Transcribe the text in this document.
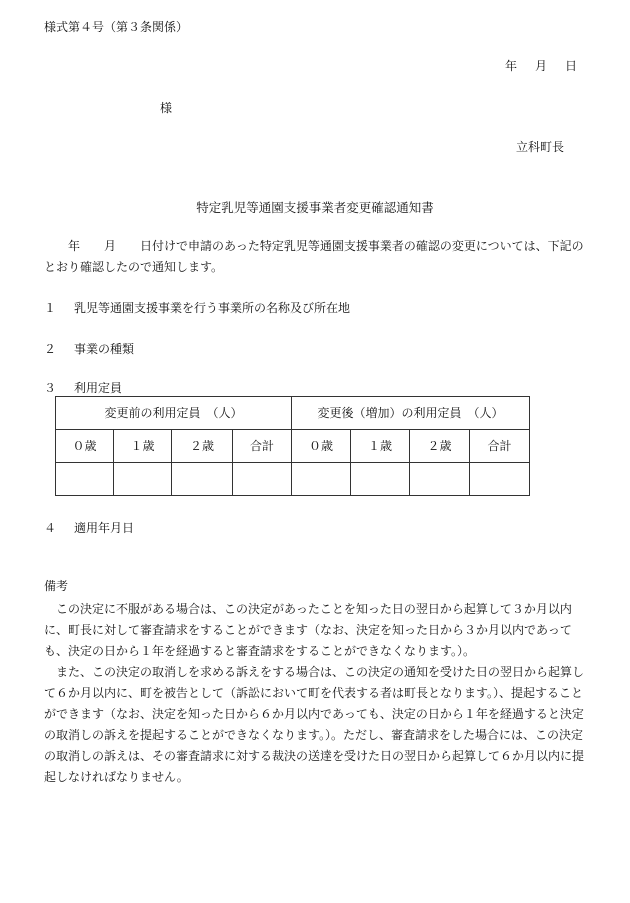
様式第４号（第３条関係）
年 月 日
様
立科町長
特定乳児等通園支援事業者変更確認通知書
年　　月　　日付けで申請のあった特定乳児等通園支援事業者の確認の変更については、下記のとおり確認したので通知します。
１ 乳児等通園支援事業を行う事業所の名称及び所在地
２ 事業の種類
３ 利用定員
変更前の利用定員　（人）				変更後（増加）の利用定員　（人）			
０歳	１歳	２歳	合計	０歳	１歳	２歳	合計

４ 適用年月日
備考

この決定に不服がある場合は、この決定があったことを知った日の翌日から起算して３か月以内に、町長に対して審査請求をすることができます（なお、決定を知った日から３か月以内であっても、決定の日から１年を経過すると審査請求をすることができなくなります。）。

また、この決定の取消しを求める訴えをする場合は、この決定の通知を受けた日の翌日から起算して６か月以内に、町を被告として（訴訟において町を代表する者は町長となります。）、提起することができます（なお、決定を知った日から６か月以内であっても、決定の日から１年を経過すると決定の取消しの訴えを提起することができなくなります。）。ただし、審査請求をした場合には、この決定の取消しの訴えは、その審査請求に対する裁決の送達を受けた日の翌日から起算して６か月以内に提起しなければなりません。
